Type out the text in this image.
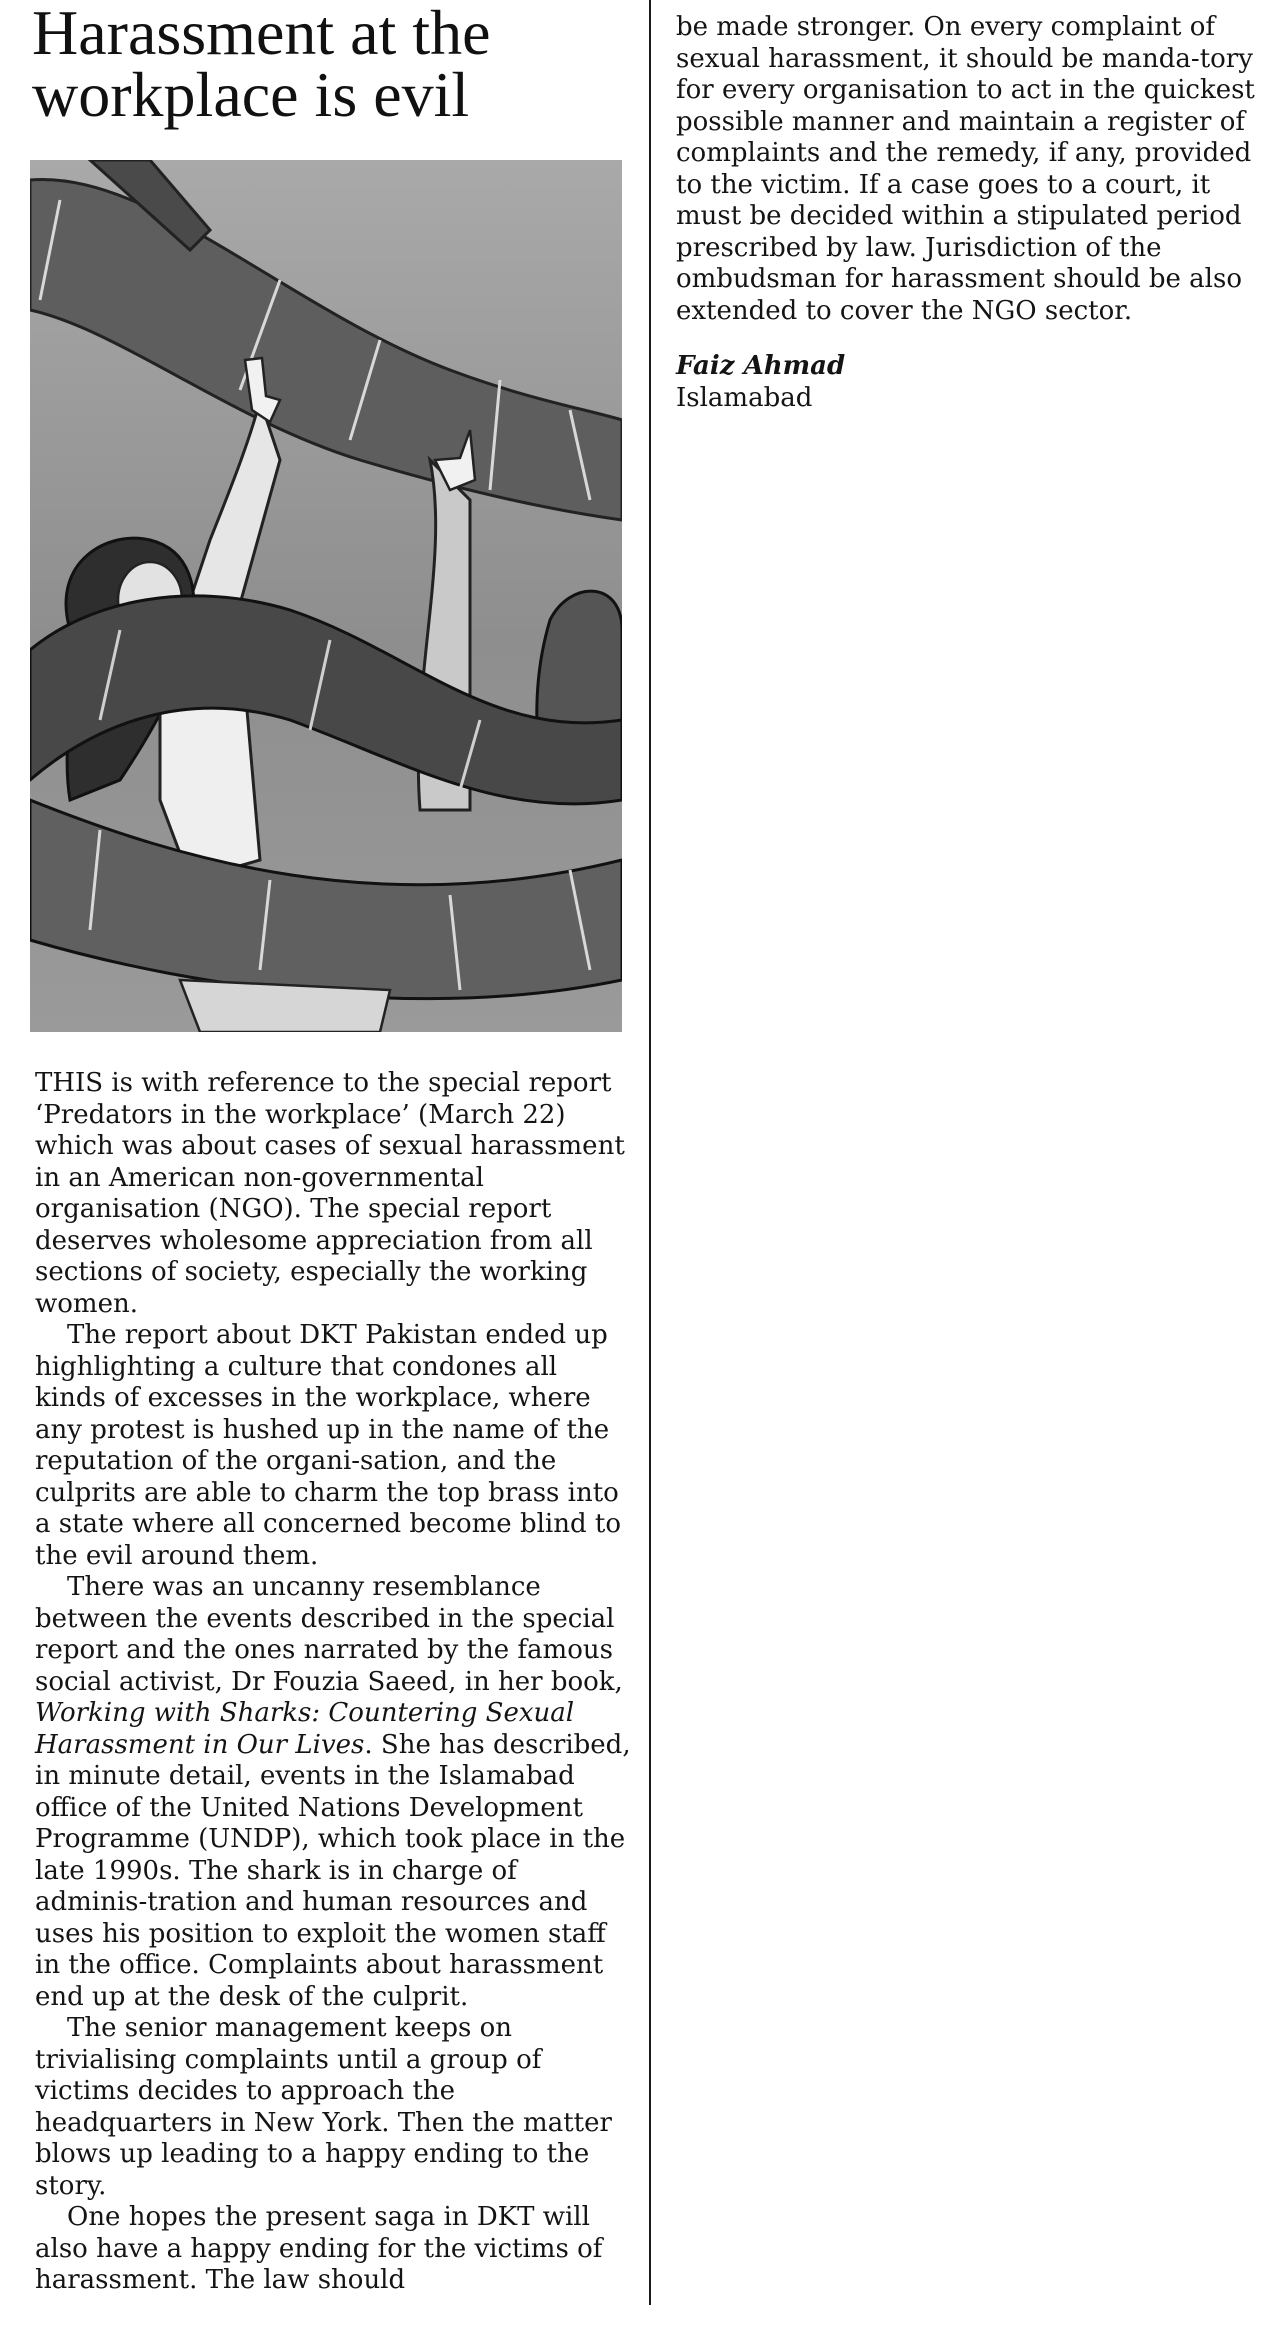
Harassment at the
workplace is evil

THIS is with reference to the special report ‘Predators in the workplace’ (March 22) which was about cases of sexual harassment in an American non-governmental organisation (NGO). The special report deserves wholesome appreciation from all sections of society, especially the working women.

The report about DKT Pakistan ended up highlighting a culture that condones all kinds of excesses in the workplace, where any protest is hushed up in the name of the reputation of the organi-sation, and the culprits are able to charm the top brass into a state where all concerned become blind to the evil around them.

There was an uncanny resemblance between the events described in the special report and the ones narrated by the famous social activist, Dr Fouzia Saeed, in her book, Working with Sharks: Countering Sexual Harassment in Our Lives. She has described, in minute detail, events in the Islamabad office of the United Nations Development Programme (UNDP), which took place in the late 1990s. The shark is in charge of adminis-tration and human resources and uses his position to exploit the women staff in the office. Complaints about harassment end up at the desk of the culprit.

The senior management keeps on trivialising complaints until a group of victims decides to approach the headquarters in New York. Then the matter blows up leading to a happy ending to the story.

One hopes the present saga in DKT will also have a happy ending for the victims of harassment. The law should

be made stronger. On every complaint of sexual harassment, it should be manda-tory for every organisation to act in the quickest possible manner and maintain a register of complaints and the remedy, if any, provided to the victim. If a case goes to a court, it must be decided within a stipulated period prescribed by law. Jurisdiction of the ombudsman for harassment should be also extended to cover the NGO sector.

Faiz Ahmad

Islamabad
